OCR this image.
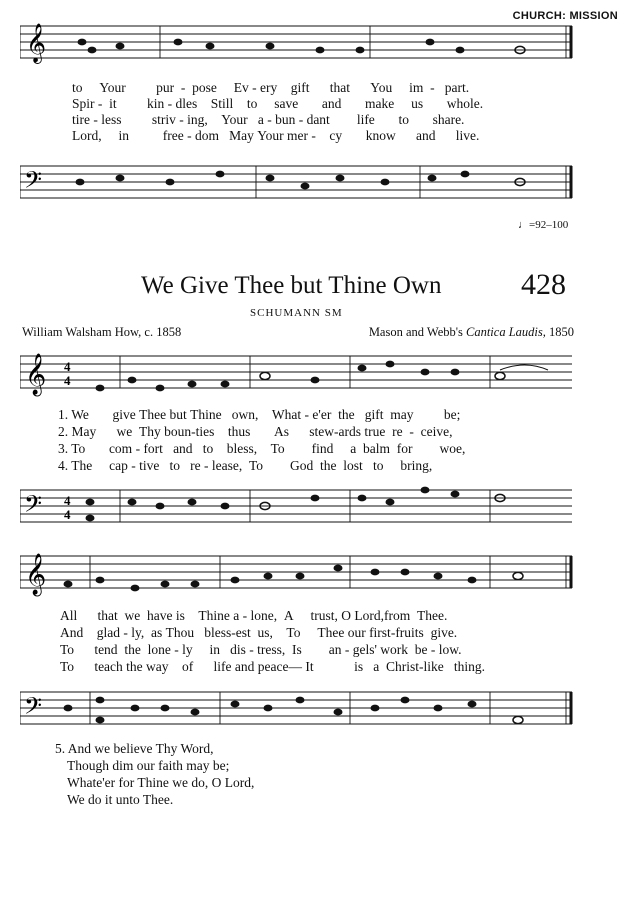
CHURCH: MISSION
𝄞
to Your pur - pose Ev - ery gift that You im - part.
Spir - it kin - dles Still to save and make us whole.
tire - less striv - ing, Your a - bun - dant life to share.
Lord, in	free - dom May Your mer - cy know and live.
𝄢
♩=92–100
We Give Thee but Thine Own	428
SCHUMANN SM
William Walsham How, c. 1858	Mason and Webb's Cantica Laudis, 1850
𝄞 4
4
1. We give Thee but Thine own, What - e'er the gift may be;
2. May we Thy boun-ties thus As stew-ards true re  -  ceive,
3. To com - fort and to bless, To find a balm for woe,
4. The cap - tive to re - lease, To God the lost to bring,
𝄢 4
4
𝄞
All that we have is Thine a - lone, A trust, O Lord,from Thee.
And glad - ly, as Thou bless-est us, To Thee our first-fruits give.
To tend the lone - ly in dis - tress, Is an - gels' work be - low.
To teach the way of life and peace— It	is a Christ-like thing.
𝄢
5. And we believe Thy Word,
Though dim our faith may be;
Whate'er for Thine we do, O Lord,
We do it unto Thee.
